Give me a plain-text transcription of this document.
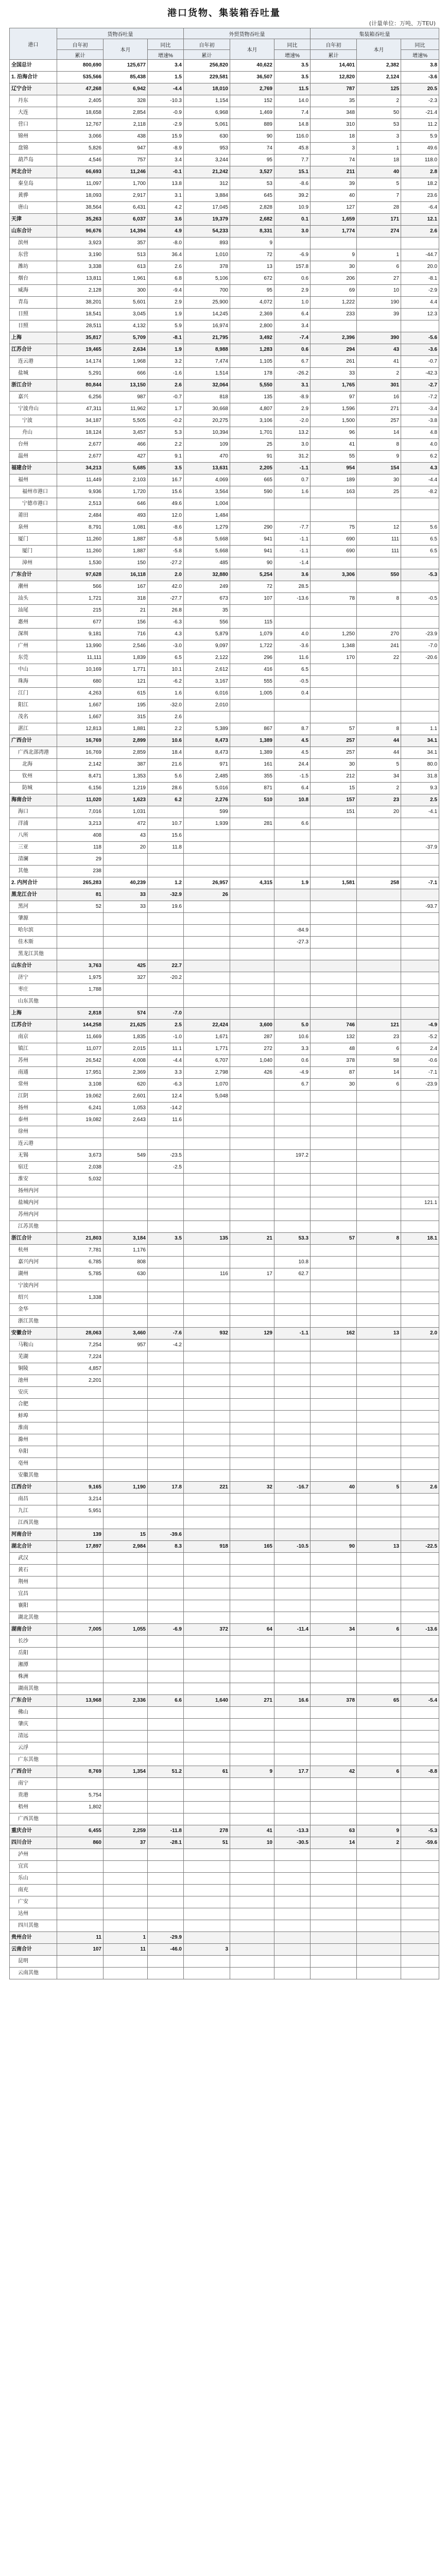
港口货物、集装箱吞吐量
(计量单位：万吨、万TEU)
港口	货物吞吐量			外贸货物吞吐量			集装箱吞吐量		
	自年初	本月	同比	自年初	本月	同比	自年初	本月	同比
	累计		增速%	累计		增速%	累计		增速%
全国总计	800,690	125,677	3.4	256,820	40,622	3.5	14,401	2,382	3.8
1. 沿海合计	535,566	85,438	1.5	229,581	36,507	3.5	12,820	2,124	-3.6
辽宁合计	47,268	6,942	-4.4	18,010	2,769	11.5	787	125	20.5
丹东	2,405	328	-10.3	1,154	152	14.0	35	2	-2.3
大连	18,658	2,854	-0.9	6,968	1,469	7.4	348	50	-21.4
营口	12,767	2,118	-2.9	5,061	889	14.8	310	53	11.2
锦州	3,066	438	15.9	630	90	116.0	18	3	5.9
盘锦	5,826	947	-8.9	953	74	45.8	3	1	49.6
葫芦岛	4,546	757	3.4	3,244	95	7.7	74	18	118.0
河北合计	66,693	11,246	-0.1	21,242	3,527	15.1	211	40	2.8
秦皇岛	11,097	1,700	13.8	312	53	-8.6	39	5	18.2
黄骅	18,093	2,917	3.1	3,884	645	39.2	40	7	23.6
唐山	38,564	6,431	4.2	17,045	2,828	10.9	127	28	-6.4
天津	35,263	6,037	3.6	19,379	2,682	0.1	1,659	171	12.1
山东合计	96,676	14,394	4.9	54,233	8,331	3.0	1,774	274	2.6
滨州	3,923	357	-8.0	893	9				
东营	3,190	513	36.4	1,010	72	-6.9	9	1	-44.7
潍坊	3,338	613	2.6	378	13	157.8	30	6	20.0
烟台	13,811	1,961	6.8	5,106	672	0.6	206	27	-8.1
威海	2,128	300	-9.4	700	95	2.9	69	10	-2.9
青岛	38,201	5,601	2.9	25,900	4,072	1.0	1,222	190	4.4
日照	18,541	3,045	1.9	14,245	2,369	6.4	233	39	12.3
日照	28,511	4,132	5.9	16,974	2,800	3.4			
上海	35,817	5,709	-8.1	21,795	3,492	-7.4	2,396	390	-5.6
江苏合计	19,465	2,634	1.9	8,988	1,283	0.6	294	43	-3.6
连云港	14,174	1,968	3.2	7,474	1,105	6.7	261	41	-0.7
盐城	5,291	666	-1.6	1,514	178	-26.2	33	2	-42.3
浙江合计	80,844	13,150	2.6	32,064	5,550	3.1	1,765	301	-2.7
嘉兴	6,256	987	-0.7	818	135	-8.9	97	16	-7.2
宁波舟山	47,311	11,962	1.7	30,668	4,807	2.9	1,596	271	-3.4
宁波	34,187	5,505	-0.2	20,275	3,106	-2.0	1,500	257	-3.8
舟山	18,124	3,457	5.3	10,394	1,701	13.2	96	14	4.8
台州	2,677	466	2.2	109	25	3.0	41	8	4.0
温州	2,677	427	9.1	470	91	31.2	55	9	6.2
福建合计	34,213	5,685	3.5	13,631	2,205	-1.1	954	154	4.3
福州	11,449	2,103	16.7	4,069	665	0.7	189	30	-4.4
福州市港口	9,936	1,720	15.6	3,564	590	1.6	163	25	-8.2
宁德市港口	2,513	646	49.6	1,004					
莆田	2,484	493	12.0	1,484					
泉州	8,791	1,081	-8.6	1,279	290	-7.7	75	12	5.6
厦门	11,260	1,887	-5.8	5,668	941	-1.1	690	111	6.5
厦门	11,260	1,887	-5.8	5,668	941	-1.1	690	111	6.5
漳州	1,530	150	-27.2	485	90	-1.4			
广东合计	97,628	16,118	2.0	32,880	5,254	3.6	3,306	550	-5.3
潮州	566	167	42.0	249	72	28.5			
汕头	1,721	318	-27.7	673	107	-13.6	78	8	-0.5
汕尾	215	21	26.8	35					
惠州	677	156	-6.3	556	115				
深圳	9,181	716	4.3	5,879	1,079	4.0	1,250	270	-23.9
广州	13,990	2,546	-3.0	9,097	1,722	-3.6	1,348	241	-7.0
东莞	11,111	1,839	6.5	2,122	296	11.6	170	22	-20.6
中山	10,169	1,771	10.1	2,612	416	6.5			
珠海	680	121	-6.2	3,167	555	-0.5			
江门	4,263	615	1.6	6,016	1,005	0.4			
阳江	1,667	195	-32.0	2,010					
茂名	1,667	315	2.6						
湛江	12,813	1,881	2.2	5,389	867	8.7	57	8	1.1
广西合计	16,769	2,899	10.6	8,473	1,389	4.5	257	44	34.1
广西北部湾港	16,769	2,859	18.4	8,473	1,389	4.5	257	44	34.1
北海	2,142	387	21.6	971	161	24.4	30	5	80.0
钦州	8,471	1,353	5.6	2,485	355	-1.5	212	34	31.8
防城	6,156	1,219	28.6	5,016	871	6.4	15	2	9.3
海南合计	11,020	1,623	6.2	2,276	510	10.8	157	23	2.5
海口	7,016	1,031		599			151	20	-4.1
洋浦	3,213	472	10.7	1,939	281	6.6			
八所	408	43	15.6						
三亚	118	20	11.8						-37.9
清澜	29								
其他	238								
2. 内河合计	265,283	40,239	1.2	26,957	4,315	1.9	1,581	258	-7.1
黑龙江合计	81	33	-32.9	26					
黑河	52	33	19.6						-93.7
肇源									
哈尔滨						-84.9			
佳木斯						-27.3			
黑龙江其他									
山东合计	3,763	425	22.7						
济宁	1,975	327	-20.2						
枣庄	1,788								
山东其他									
上海	2,818	574	-7.0						
江苏合计	144,258	21,625	2.5	22,424	3,600	5.0	746	121	-4.9
南京	11,669	1,835	-1.0	1,671	287	10.6	132	23	-5.2
镇江	11,077	2,015	11.1	1,771	272	3.3	48	6	2.4
苏州	26,542	4,008	-4.4	6,707	1,040	0.6	378	58	-0.6
南通	17,951	2,369	3.3	2,798	426	-4.9	87	14	-7.1
常州	3,108	620	-6.3	1,070		6.7	30	6	-23.9
江阴	19,062	2,601	12.4	5,048					
扬州	6,241	1,053	-14.2						
泰州	19,082	2,643	11.6						
徐州									
连云港									
无锡	3,673	549	-23.5			197.2			
宿迁	2,038		-2.5						
淮安	5,032								
扬州内河									
盐城内河									121.1
苏州内河									
江苏其他									
浙江合计	21,803	3,184	3.5	135	21	53.3	57	8	18.1
杭州	7,781	1,176							
嘉兴内河	6,785	808				10.8			
湖州	5,785	630		116	17	62.7			
宁波内河									
绍兴	1,338								
金华									
浙江其他									
安徽合计	28,063	3,460	-7.6	932	129	-1.1	162	13	2.0
马鞍山	7,254	957	-4.2						
芜湖	7,224								
铜陵	4,857								
池州	2,201								
安庆									
合肥									
蚌埠									
淮南									
滁州									
阜阳									
亳州									
安徽其他									
江西合计	9,165	1,190	17.8	221	32	-16.7	40	5	2.6
南昌	3,214								
九江	5,951								
江西其他									
河南合计	139	15	-39.6						
湖北合计	17,897	2,984	8.3	918	165	-10.5	90	13	-22.5
武汉									
黄石									
荆州									
宜昌									
襄阳									
湖北其他									
湖南合计	7,005	1,055	-6.9	372	64	-11.4	34	6	-13.6
长沙									
岳阳									
湘潭									
株洲									
湖南其他									
广东合计	13,968	2,336	6.6	1,640	271	16.6	378	65	-5.4
佛山									
肇庆									
清远									
云浮									
广东其他									
广西合计	8,769	1,354	51.2	61	9	17.7	42	6	-8.8
南宁									
贵港	5,754								
梧州	1,802								
广西其他									
重庆合计	6,455	2,259	-11.8	278	41	-13.3	63	9	-5.3
四川合计	860	37	-28.1	51	10	-30.5	14	2	-59.6
泸州									
宜宾									
乐山									
南充									
广安									
达州									
四川其他									
贵州合计	11	1	-29.9						
云南合计	107	11	-46.0	3					
昆明									
云南其他									
